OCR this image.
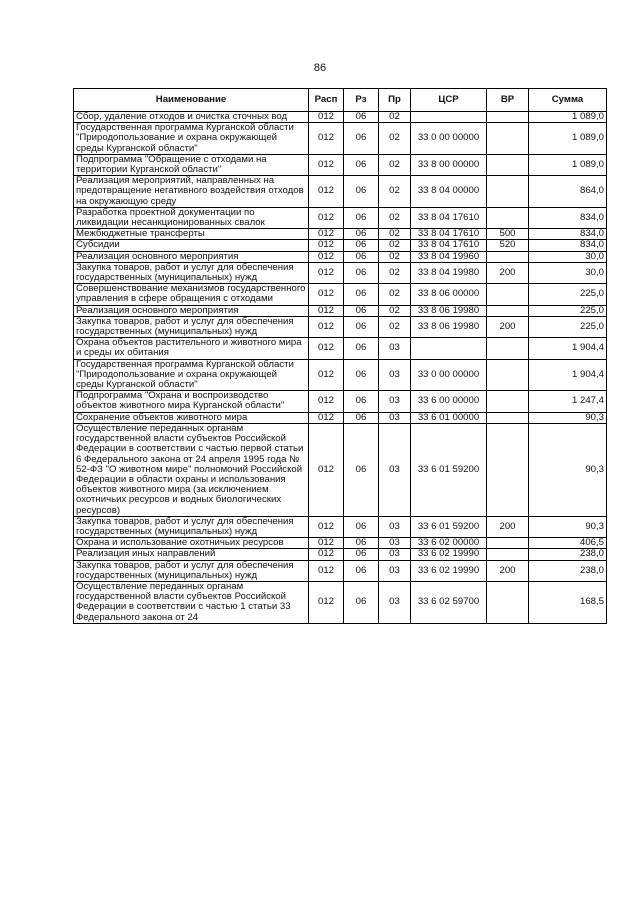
86
Наименование	Расп	Рз	Пр	ЦСР	ВР	Сумма
Сбор, удаление отходов и очистка сточных вод	012	06	02			1 089,0
Государственная программа Курганской области "Природопользование и охрана окружающей среды Курганской области"	012	06	02	33 0 00 00000		1 089,0
Подпрограмма "Обращение с отходами на территории Курганской области"	012	06	02	33 8 00 00000		1 089,0
Реализация мероприятий, направленных на предотвращение негативного воздействия отходов на окружающую среду	012	06	02	33 8 04 00000		864,0
Разработка проектной документации по ликвидации несанкционированных свалок	012	06	02	33 8 04 17610		834,0
Межбюджетные трансферты	012	06	02	33 8 04 17610	500	834,0
Субсидии	012	06	02	33 8 04 17610	520	834,0
Реализация основного мероприятия	012	06	02	33 8 04 19960		30,0
Закупка товаров, работ и услуг для обеспечения государственных (муниципальных) нужд	012	06	02	33 8 04 19980	200	30,0
Совершенствование механизмов государственного управления в сфере обращения с отходами	012	06	02	33 8 06 00000		225,0
Реализация основного мероприятия	012	06	02	33 8 06 19980		225,0
Закупка товаров, работ и услуг для обеспечения государственных (муниципальных) нужд	012	06	02	33 8 06 19980	200	225,0
Охрана объектов растительного и животного мира и среды их обитания	012	06	03			1 904,4
Государственная программа Курганской области "Природопользование и охрана окружающей среды Курганской области"	012	06	03	33 0 00 00000		1 904,4
Подпрограмма "Охрана и воспроизводство объектов животного мира Курганской области"	012	06	03	33 6 00 00000		1 247,4
Сохранение объектов животного мира	012	06	03	33 6 01 00000		90,3
Осуществление переданных органам государственной власти субъектов Российской Федерации в соответствии с частью первой статьи 6 Федерального закона от 24 апреля 1995 года № 52-ФЗ "О животном мире" полномочий Российской Федерации в области охраны и использования объектов животного мира (за исключением охотничьих ресурсов и водных биологических ресурсов)	012	06	03	33 6 01 59200		90,3
Закупка товаров, работ и услуг для обеспечения государственных (муниципальных) нужд	012	06	03	33 6 01 59200	200	90,3
Охрана и использование охотничьих ресурсов	012	06	03	33 6 02 00000		406,5
Реализация иных направлений	012	06	03	33 6 02 19990		238,0
Закупка товаров, работ и услуг для обеспечения государственных (муниципальных) нужд	012	06	03	33 6 02 19990	200	238,0
Осуществление переданных органам государственной власти субъектов Российской Федерации в соответствии с частью 1 статьи 33 Федерального закона от 24	012	06	03	33 6 02 59700		168,5
